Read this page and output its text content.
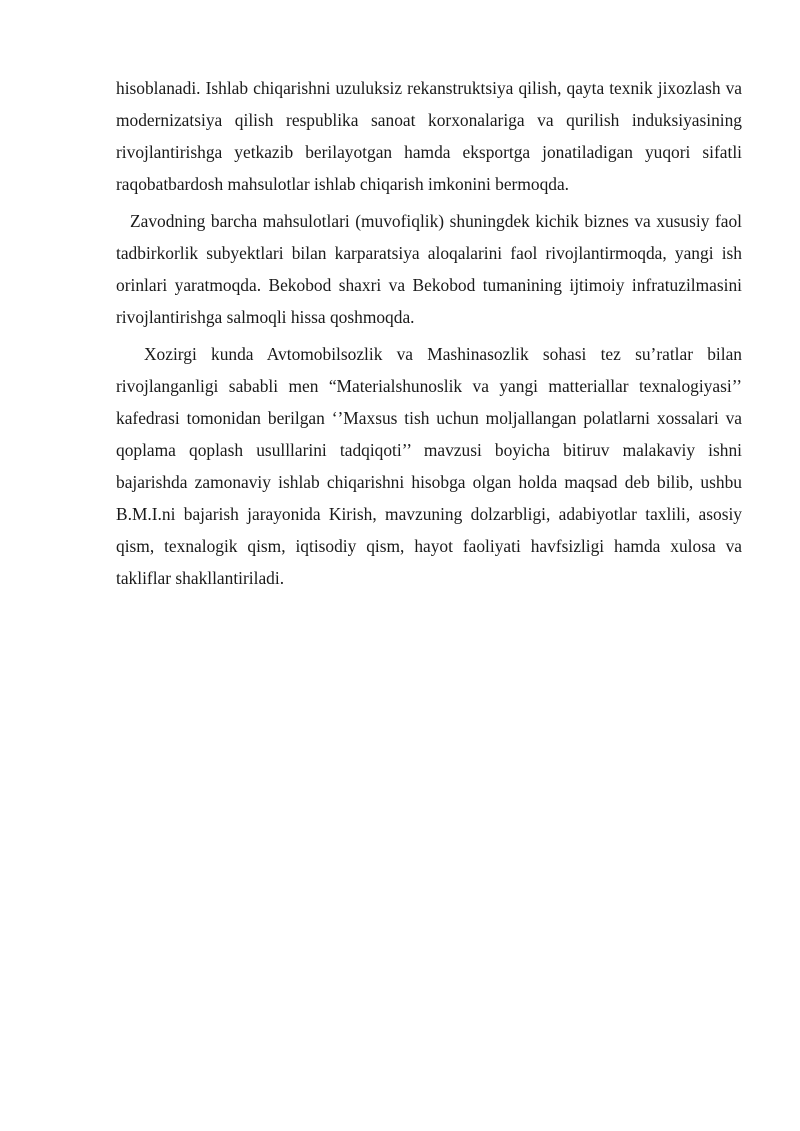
hisoblanadi. Ishlab chiqarishni uzuluksiz rekanstruktsiya qilish, qayta texnik jixozlash va modernizatsiya qilish respublika sanoat korxonalariga va qurilish induksiyasining rivojlantirishga yetkazib berilayotgan hamda eksportga jonatiladigan yuqori sifatli raqobatbardosh mahsulotlar ishlab chiqarish imkonini bermoqda.

Zavodning barcha mahsulotlari (muvofiqlik) shuningdek kichik biznes va xususiy faol tadbirkorlik subyektlari bilan karparatsiya aloqalarini faol rivojlantirmoqda, yangi ish orinlari yaratmoqda. Bekobod shaxri va Bekobod tumanining ijtimoiy infratuzilmasini rivojlantirishga salmoqli hissa qoshmoqda.

Xozirgi kunda Avtomobilsozlik va Mashinasozlik sohasi tez su’ratlar bilan rivojlanganligi sababli men “Materialshunoslik va yangi matteriallar texnalogiyasi’’ kafedrasi tomonidan berilgan ‘’Maxsus tish uchun moljallangan polatlarni xossalari va qoplama qoplash usulllarini tadqiqoti’’ mavzusi boyicha bitiruv malakaviy ishni bajarishda zamonaviy ishlab chiqarishni hisobga olgan holda maqsad deb bilib, ushbu B.M.I.ni bajarish jarayonida Kirish, mavzuning dolzarbligi, adabiyotlar taxlili, asosiy qism, texnalogik qism, iqtisodiy qism, hayot faoliyati havfsizligi hamda xulosa va takliflar shakllantiriladi.
